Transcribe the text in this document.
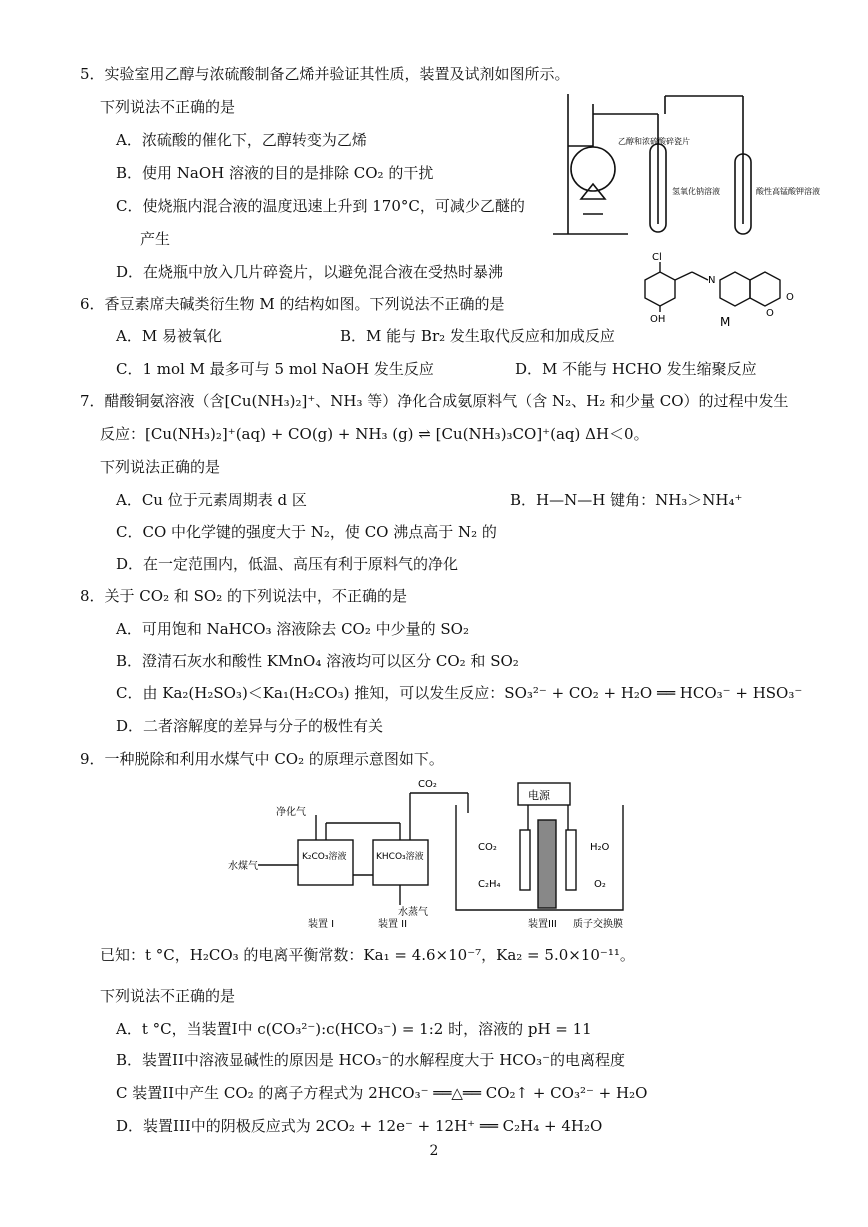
5．实验室用乙醇与浓硫酸制备乙烯并验证其性质，装置及试剂如图所示。
下列说法不正确的是
A．浓硫酸的催化下，乙醇转变为乙烯
B．使用 NaOH 溶液的目的是排除 CO₂ 的干扰
C．使烧瓶内混合液的温度迅速上升到 170°C，可减少乙醚的
产生
D．在烧瓶中放入几片碎瓷片，以避免混合液在受热时暴沸
乙醇和浓硫酸碎瓷片
氢氧化钠溶液	酸性高锰酸钾溶液
6．香豆素席夫碱类衍生物 M 的结构如图。下列说法不正确的是
A．M 易被氧化	B．M 能与 Br₂ 发生取代反应和加成反应
C．1 mol M 最多可与 5 mol NaOH 发生反应	D．M 不能与 HCHO 发生缩聚反应
Cl
N
OH
O
O
M
7．醋酸铜氨溶液（含[Cu(NH₃)₂]⁺、NH₃ 等）净化合成氨原料气（含 N₂、H₂ 和少量 CO）的过程中发生
反应：[Cu(NH₃)₂]⁺(aq) + CO(g) + NH₃ (g) ⇌ [Cu(NH₃)₃CO]⁺(aq) ΔH＜0。
下列说法正确的是
A．Cu 位于元素周期表 d 区	B．H—N—H 键角：NH₃＞NH₄⁺
C．CO 中化学键的强度大于 N₂，使 CO 沸点高于 N₂ 的
D．在一定范围内，低温、高压有利于原料气的净化
8．关于 CO₂ 和 SO₂ 的下列说法中，不正确的是
A．可用饱和 NaHCO₃ 溶液除去 CO₂ 中少量的 SO₂
B．澄清石灰水和酸性 KMnO₄ 溶液均可以区分 CO₂ 和 SO₂
C．由 Ka₂(H₂SO₃)＜Ka₁(H₂CO₃) 推知，可以发生反应：SO₃²⁻ + CO₂ + H₂O ══ HCO₃⁻ + HSO₃⁻
D．二者溶解度的差异与分子的极性有关
9．一种脱除和利用水煤气中 CO₂ 的原理示意图如下。
净化气
水煤气
K₂CO₃溶液	KHCO₃溶液
水蒸气
CO₂
电源
CO₂
C₂H₄
H₂O
O₂
装置 I	装置 II	装置III 质子交换膜
已知：t °C，H₂CO₃ 的电离平衡常数：Ka₁ = 4.6×10⁻⁷，Ka₂ = 5.0×10⁻¹¹。
下列说法不正确的是
A．t °C，当装置I中 c(CO₃²⁻):c(HCO₃⁻) = 1:2 时，溶液的 pH = 11
B．装置II中溶液显碱性的原因是 HCO₃⁻的水解程度大于 HCO₃⁻的电离程度
C 装置II中产生 CO₂ 的离子方程式为 2HCO₃⁻ ══△══ CO₂↑ + CO₃²⁻ + H₂O
D．装置III中的阴极反应式为 2CO₂ + 12e⁻ + 12H⁺ ══ C₂H₄ + 4H₂O
2
